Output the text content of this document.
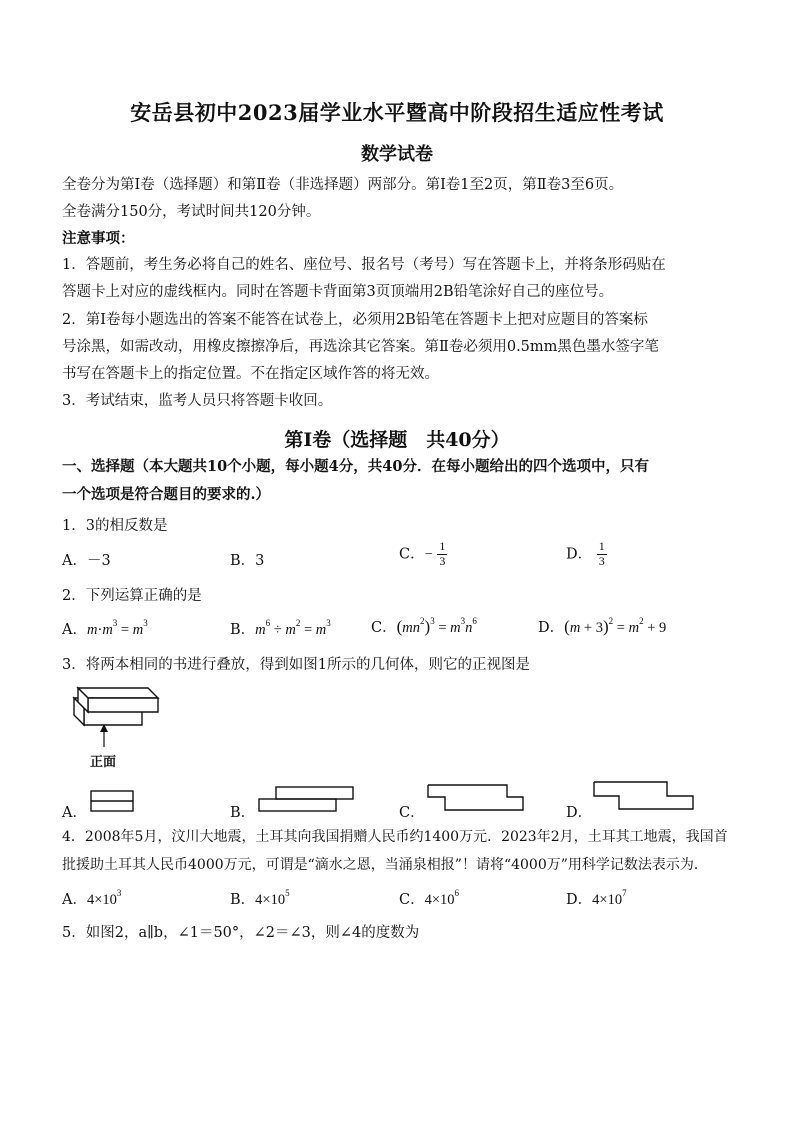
安岳县初中2023届学业水平暨高中阶段招生适应性考试
数学试卷
全卷分为第Ⅰ卷（选择题）和第Ⅱ卷（非选择题）两部分。第Ⅰ卷1至2页，第Ⅱ卷3至6页。
全卷满分150分，考试时间共120分钟。
注意事项：
1．答题前，考生务必将自己的姓名、座位号、报名号（考号）写在答题卡上，并将条形码贴在
答题卡上对应的虚线框内。同时在答题卡背面第3页顶端用2B铅笔涂好自己的座位号。
2．第Ⅰ卷每小题选出的答案不能答在试卷上，必须用2B铅笔在答题卡上把对应题目的答案标
号涂黑，如需改动，用橡皮擦擦净后，再选涂其它答案。第Ⅱ卷必须用0.5mm黑色墨水签字笔
书写在答题卡上的指定位置。不在指定区域作答的将无效。
3．考试结束，监考人员只将答题卡收回。
第Ⅰ卷（选择题　共40分）
一、选择题（本大题共10个小题，每小题4分，共40分．在每小题给出的四个选项中，只有
一个选项是符合题目的要求的.）
1．3的相反数是
A．－3	B．3	C．− $\frac{1}{3}$	D． $\frac{1}{3}$
2．下列运算正确的是
A．$m\cdot m^3 = m^3$	B．$m^6 \div m^2 = m^3$	C．$(mn^2)^3 = m^3n^6$	D．$(m + 3)^2 = m^2 + 9$
3．将两本相同的书进行叠放，得到如图1所示的几何体，则它的正视图是
正面
A．	B．	C．	D．
4．2008年5月，汶川大地震，土耳其向我国捐赠人民币约1400万元．2023年2月，土耳其工地震，我国首
批援助土耳其人民币4000万元，可谓是“滴水之恩，当涌泉相报”！请将“4000万”用科学记数法表示为．
A．$4\times 10^3$	B．$4\times 10^5$	C．$4\times 10^6$	D．$4\times 10^7$
5．如图2，a∥b，∠1＝50°，∠2＝∠3，则∠4的度数为
